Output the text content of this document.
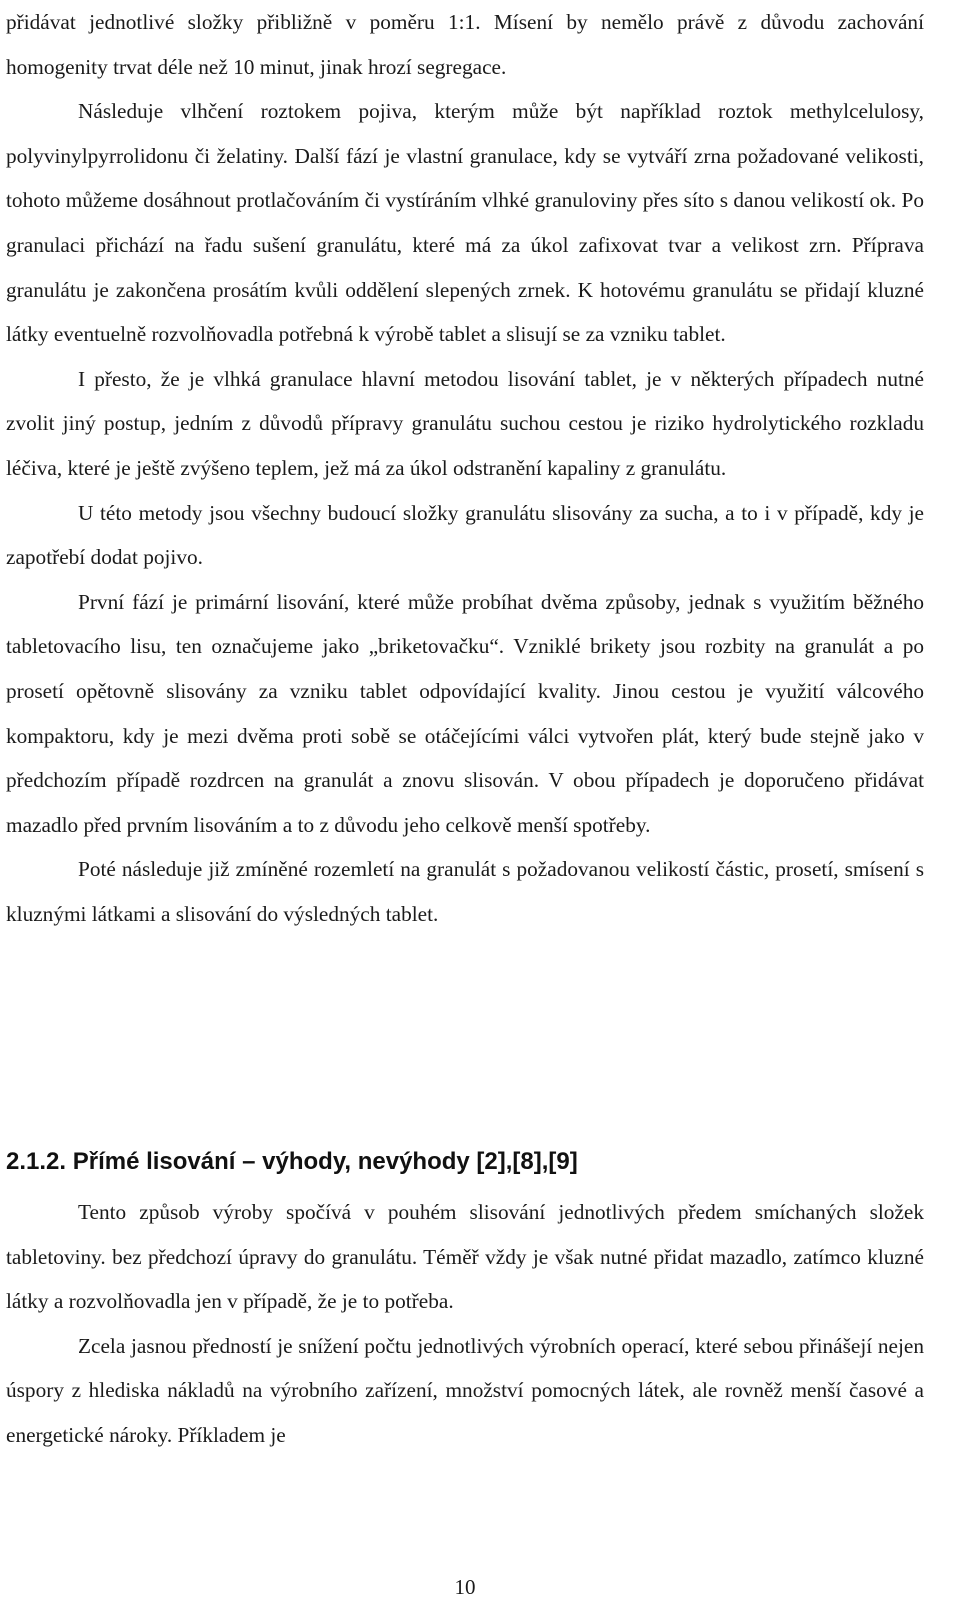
přidávat jednotlivé složky přibližně v poměru 1:1. Mísení by nemělo právě z důvodu zachování homogenity trvat déle než 10 minut, jinak hrozí segregace.

Následuje vlhčení roztokem pojiva, kterým může být například roztok methylcelulosy, polyvinylpyrrolidonu či želatiny. Další fází je vlastní granulace, kdy se vytváří zrna požadované velikosti, tohoto můžeme dosáhnout protlačováním či vystíráním vlhké granuloviny přes síto s danou velikostí ok. Po granulaci přichází na řadu sušení granulátu, které má za úkol zafixovat tvar a velikost zrn. Příprava granulátu je zakončena prosátím kvůli oddělení slepených zrnek. K hotovému granulátu se přidají kluzné látky eventuelně rozvolňovadla potřebná k výrobě tablet a slisují se za vzniku tablet.

I přesto, že je vlhká granulace hlavní metodou lisování tablet, je v některých případech nutné zvolit jiný postup, jedním z důvodů přípravy granulátu suchou cestou je riziko hydrolytického rozkladu léčiva, které je ještě zvýšeno teplem, jež má za úkol odstranění kapaliny z granulátu.

U této metody jsou všechny budoucí složky granulátu slisovány za sucha, a to i v případě, kdy je zapotřebí dodat pojivo.

První fází je primární lisování, které může probíhat dvěma způsoby, jednak s využitím běžného tabletovacího lisu, ten označujeme jako „briketovačku“. Vzniklé brikety jsou rozbity na granulát a po prosetí opětovně slisovány za vzniku tablet odpovídající kvality. Jinou cestou je využití válcového kompaktoru, kdy je mezi dvěma proti sobě se otáčejícími válci vytvořen plát, který bude stejně jako v předchozím případě rozdrcen na granulát a znovu slisován. V obou případech je doporučeno přidávat mazadlo před prvním lisováním a to z důvodu jeho celkově menší spotřeby.

Poté následuje již zmíněné rozemletí na granulát s požadovanou velikostí částic, prosetí, smísení s kluznými látkami a slisování do výsledných tablet.

2.1.2. Přímé lisování – výhody, nevýhody [2],[8],[9]

Tento způsob výroby spočívá v pouhém slisování jednotlivých předem smíchaných složek tabletoviny. bez předchozí úpravy do granulátu. Téměř vždy je však nutné přidat mazadlo, zatímco kluzné látky a rozvolňovadla jen v případě, že je to potřeba.

Zcela jasnou předností je snížení počtu jednotlivých výrobních operací, které sebou přinášejí nejen úspory z hlediska nákladů na výrobního zařízení, množství pomocných látek, ale rovněž menší časové a energetické nároky. Příkladem je

10
